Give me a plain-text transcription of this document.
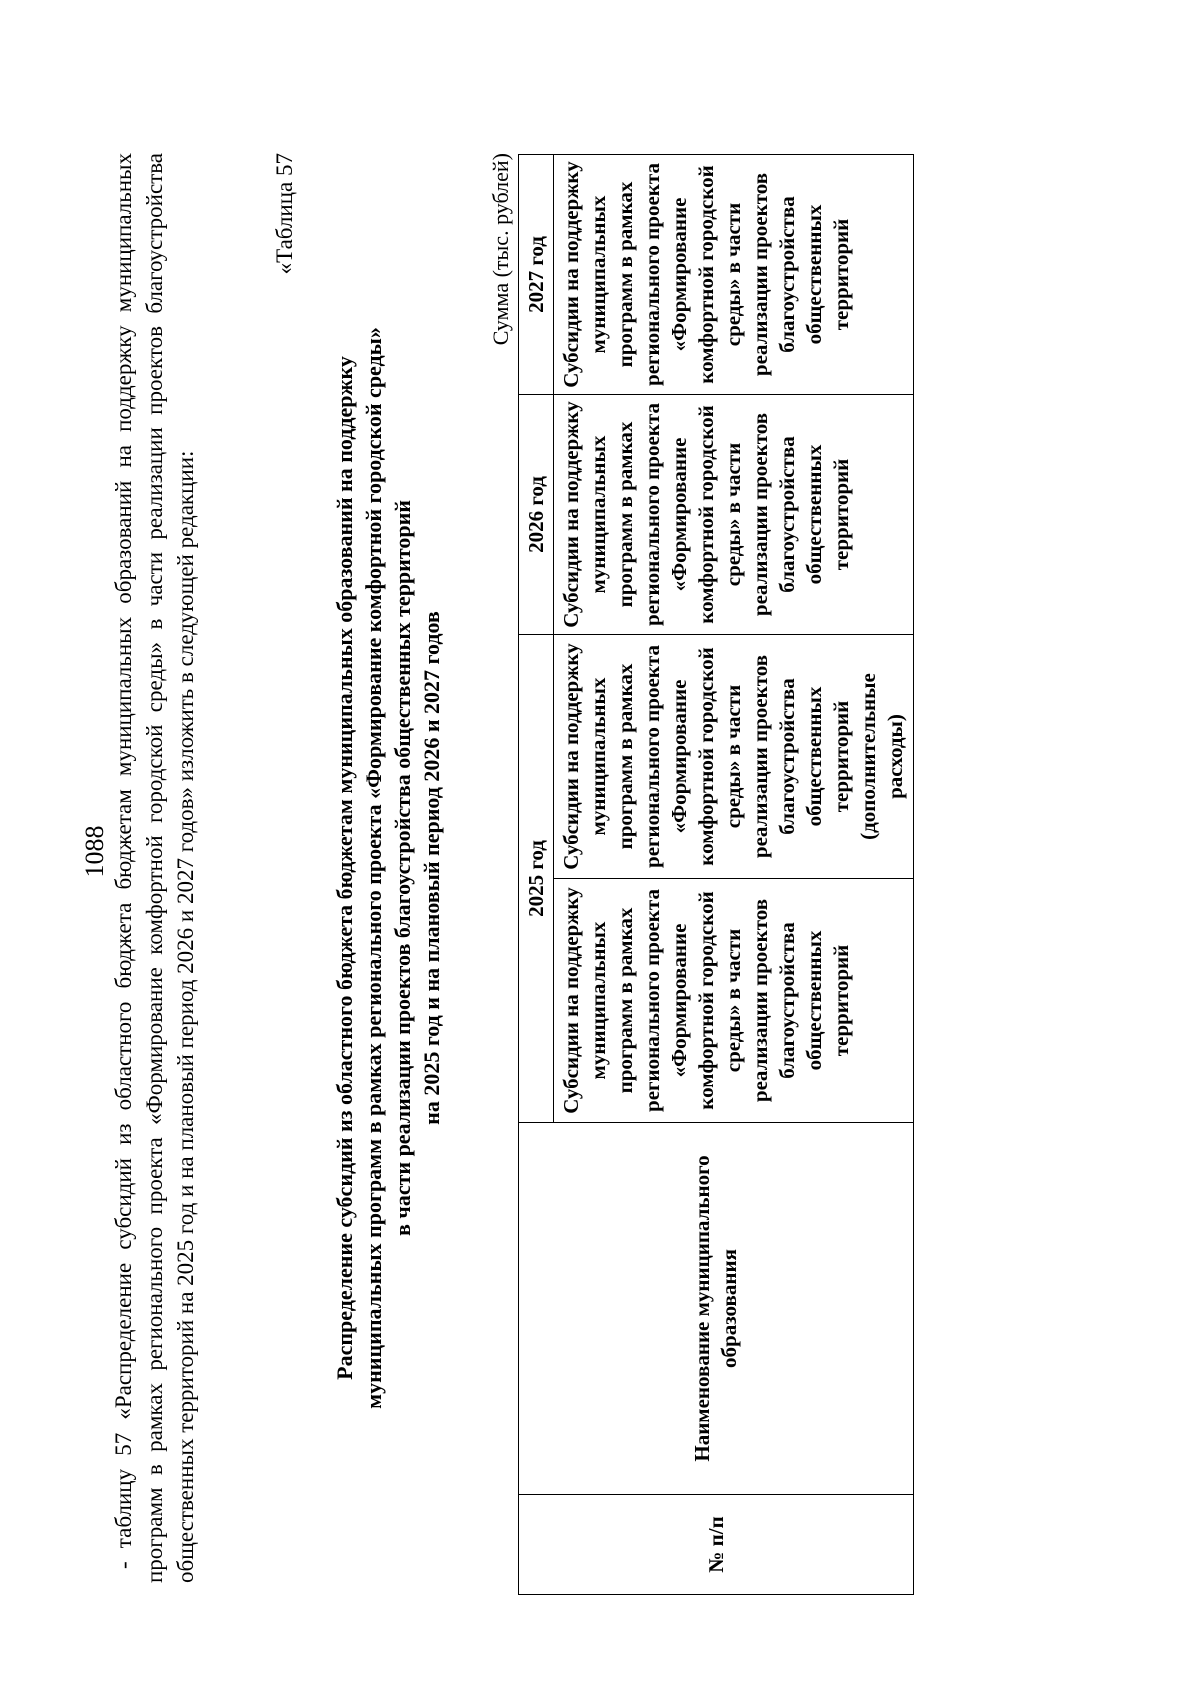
1088 - таблицу 57 «Распределение субсидий из областного бюджета бюджетам муниципальных образований на поддержку муниципальных программ в рамках регионального проекта «Формирование комфортной городской среды» в части реализации проектов благоустройства общественных территорий на 2025 год и на плановый период 2026 и 2027 годов» изложить в следующей редакции:
«Таблица 57
Распределение субсидий из областного бюджета бюджетам муниципальных образований на поддержку муниципальных программ в рамках регионального проекта «Формирование комфортной городской среды» в части реализации проектов благоустройства общественных территорий на 2025 год и на плановый период 2026 и 2027 годов
Сумма (тыс. рублей)
№ п/п	Наименование муниципального образования	2025 год		2026 год	2027 год
		Субсидии на поддержку муниципальных программ в рамках регионального проекта «Формирование комфортной городской среды» в части реализации проектов благоустройства общественных территорий	Субсидии на поддержку муниципальных программ в рамках регионального проекта «Формирование комфортной городской среды» в части реализации проектов благоустройства общественных территорий (дополнительные расходы)	Субсидии на поддержку муниципальных программ в рамках регионального проекта «Формирование комфортной городской среды» в части реализации проектов благоустройства общественных территорий	Субсидии на поддержку муниципальных программ в рамках регионального проекта «Формирование комфортной городской среды» в части реализации проектов благоустройства общественных территорий
